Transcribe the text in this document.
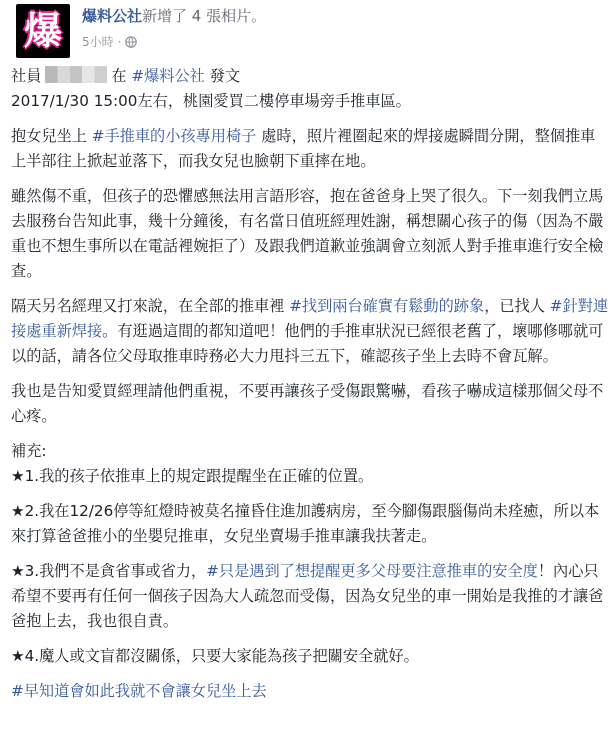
爆 爆料公社新增了 4 張相片。
5小時 ·

社員	在 #爆料公社 發文

2017/1/30 15:00左右，桃園愛買二樓停車場旁手推車區。

抱女兒坐上 #手推車的小孩專用椅子 處時，照片裡圈起來的焊接處瞬間分開，整個推車上半部往上掀起並落下，而我女兒也臉朝下重摔在地。

雖然傷不重，但孩子的恐懼感無法用言語形容，抱在爸爸身上哭了很久。下一刻我們立馬去服務台告知此事，幾十分鐘後，有名當日值班經理姓謝，稱想關心孩子的傷（因為不嚴重也不想生事所以在電話裡婉拒了）及跟我們道歉並強調會立刻派人對手推車進行安全檢查。

隔天另名經理又打來說，在全部的推車裡 #找到兩台確實有鬆動的跡象，已找人 #針對連接處重新焊接。有逛過這間的都知道吧！他們的手推車狀況已經很老舊了，壞哪修哪就可以的話，請各位父母取推車時務必大力甩抖三五下，確認孩子坐上去時不會瓦解。

我也是告知愛買經理請他們重視，不要再讓孩子受傷跟驚嚇，看孩子嚇成這樣那個父母不心疼。

補充:

★1.我的孩子依推車上的規定跟提醒坐在正確的位置。

★2.我在12/26停等紅燈時被莫名撞昏住進加護病房，至今腳傷跟腦傷尚未痊癒，所以本來打算爸爸推小的坐嬰兒推車，女兒坐賣場手推車讓我扶著走。

★3.我們不是貪省事或省力，#只是遇到了想提醒更多父母要注意推車的安全度！內心只希望不要再有任何一個孩子因為大人疏忽而受傷，因為女兒坐的車一開始是我推的才讓爸爸抱上去，我也很自責。

★4.魔人或文盲都沒關係，只要大家能為孩子把關安全就好。

#早知道會如此我就不會讓女兒坐上去
